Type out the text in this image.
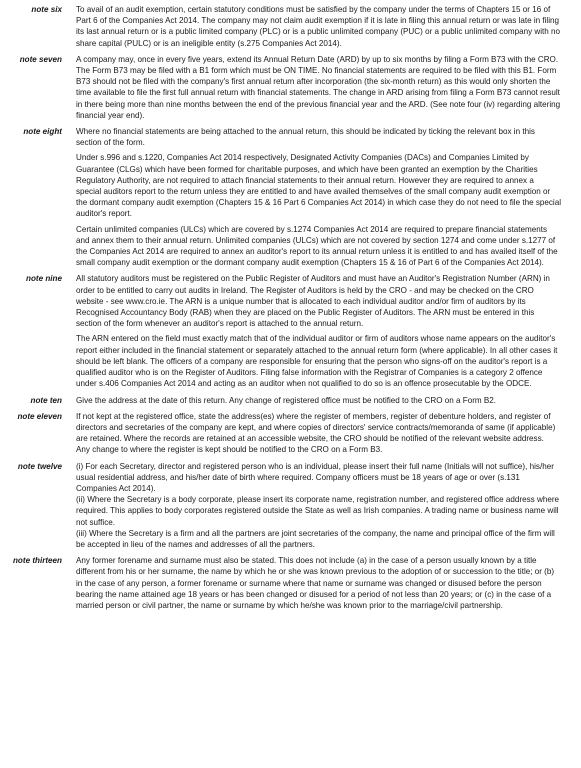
note six	To avail of an audit exemption, certain statutory conditions must be satisfied by the company under the terms of Chapters 15 or 16 of Part 6 of the Companies Act 2014. The company may not claim audit exemption if it is late in filing this annual return or was late in filing its last annual return or is a public limited company (PLC) or is a public unlimited company (PUC) or a public unlimited company with no share capital (PULC) or is an ineligible entity (s.275 Companies Act 2014).

note seven	A company may, once in every five years, extend its Annual Return Date (ARD) by up to six months by filing a Form B73 with the CRO. The Form B73 may be filed with a B1 form which must be ON TIME. No financial statements are required to be filed with this B1. Form B73 should not be filed with the company's first annual return after incorporation (the six-month return) as this would only shorten the time available to file the first full annual return with financial statements. The change in ARD arising from filing a Form B73 cannot result in there being more than nine months between the end of the previous financial year and the ARD. (See note four (iv) regarding altering financial year end).

note eight	Where no financial statements are being attached to the annual return, this should be indicated by ticking the relevant box in this section of the form.

Under s.996 and s.1220, Companies Act 2014 respectively, Designated Activity Companies (DACs) and Companies Limited by Guarantee (CLGs) which have been formed for charitable purposes, and which have been granted an exemption by the Charities Regulatory Authority, are not required to attach financial statements to their annual return. However they are required to annex a special auditors report to the return unless they are entitled to and have availed themselves of the small company audit exemption or the dormant company audit exemption (Chapters 15 & 16 Part 6 Companies Act 2014) in which case they do not need to file the special auditor's report.

Certain unlimited companies (ULCs) which are covered by s.1274 Companies Act 2014 are required to prepare financial statements and annex them to their annual return. Unlimited companies (ULCs) which are not covered by section 1274 and come under s.1277 of the Companies Act 2014 are required to annex an auditor's report to its annual return unless it is entitled to and has availed itself of the small company audit exemption or the dormant company audit exemption (Chapters 15 & 16 of Part 6 of the Companies Act 2014).

note nine	All statutory auditors must be registered on the Public Register of Auditors and must have an Auditor's Registration Number (ARN) in order to be entitled to carry out audits in Ireland. The Register of Auditors is held by the CRO - and may be checked on the CRO website - see www.cro.ie. The ARN is a unique number that is allocated to each individual auditor and/or firm of auditors by its Recognised Accountancy Body (RAB) when they are placed on the Public Register of Auditors. The ARN must be entered in this section of the form whenever an auditor's report is attached to the annual return.

The ARN entered on the field must exactly match that of the individual auditor or firm of auditors whose name appears on the auditor's report either included in the financial statement or separately attached to the annual return form (where applicable). In all other cases it should be left blank. The officers of a company are responsible for ensuring that the person who signs-off on the auditor's report is a qualified auditor who is on the Register of Auditors. Filing false information with the Registrar of Companies is a category 2 offence under s.406 Companies Act 2014 and acting as an auditor when not qualified to do so is an offence prosecutable by the ODCE.

note ten	Give the address at the date of this return. Any change of registered office must be notified to the CRO on a Form B2.

note eleven	If not kept at the registered office, state the address(es) where the register of members, register of debenture holders, and register of directors and secretaries of the company are kept, and where copies of directors' service contracts/memoranda of same (if applicable) are retained. Where the records are retained at an accessible website, the CRO should be notified of the relevant website address.

Any change to where the register is kept should be notified to the CRO on a Form B3.

note twelve	(i) For each Secretary, director and registered person who is an individual, please insert their full name (Initials will not suffice), his/her usual residential address, and his/her date of birth where required. Company officers must be 18 years of age or over (s.131 Companies Act 2014).

(ii) Where the Secretary is a body corporate, please insert its corporate name, registration number, and registered office address where required. This applies to body corporates registered outside the State as well as Irish companies. A trading name or business name will not suffice.

(iii) Where the Secretary is a firm and all the partners are joint secretaries of the company, the name and principal office of the firm will be accepted in lieu of the names and addresses of all the partners.

note thirteen	Any former forename and surname must also be stated. This does not include (a) in the case of a person usually known by a title different from his or her surname, the name by which he or she was known previous to the adoption of or succession to the title; or (b) in the case of any person, a former forename or surname where that name or surname was changed or disused before the person bearing the name attained age 18 years or has been changed or disused for a period of not less than 20 years; or (c) in the case of a married person or civil partner, the name or surname by which he/she was known prior to the marriage/civil partnership.
